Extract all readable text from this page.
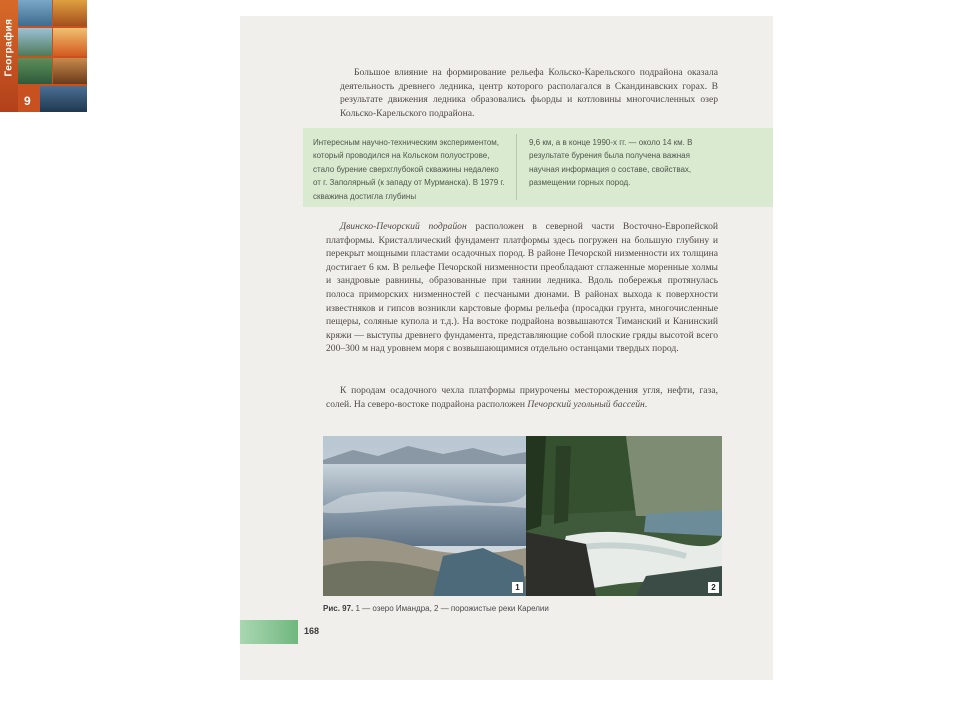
География
9
Большое влияние на формирование рельефа Кольско-Карельского подрайона оказала деятельность древнего ледника, центр которого располагался в Скандинавских горах. В результате движения ледника образовались фьорды и котловины многочисленных озер Кольско-Карельского подрайона.
Интересным научно-техническим экспериментом, который проводился на Кольском полуострове, стало бурение сверхглубокой скважины недалеко от г. Заполярный (к западу от Мурманска). В 1979 г. скважина достигла глубины
9,6 км, а в конце 1990-х гг. — около 14 км. В результате бурения была получена важная научная информация о составе, свойствах, размещении горных пород.
Двинско-Печорский подрайон расположен в северной части Восточно-Европейской платформы. Кристаллический фундамент платформы здесь погружен на большую глубину и перекрыт мощными пластами осадочных пород. В районе Печорской низменности их толщина достигает 6 км. В рельефе Печорской низменности преобладают сглаженные моренные холмы и зандровые равнины, образованные при таянии ледника. Вдоль побережья протянулась полоса приморских низменностей с песчаными дюнами. В районах выхода к поверхности известняков и гипсов возникли карстовые формы рельефа (просадки грунта, многочисленные пещеры, соляные купола и т.д.). На востоке подрайона возвышаются Тиманский и Канинский кряжи — выступы древнего фундамента, представляющие собой плоские гряды высотой всего 200–300 м над уровнем моря с возвышающимися отдельно останцами твердых пород.
К породам осадочного чехла платформы приурочены месторождения угля, нефти, газа, солей. На северо-востоке подрайона расположен Печорский угольный бассейн.
1	2
Рис. 97. 1 — озеро Имандра, 2 — порожистые реки Карелии
168
